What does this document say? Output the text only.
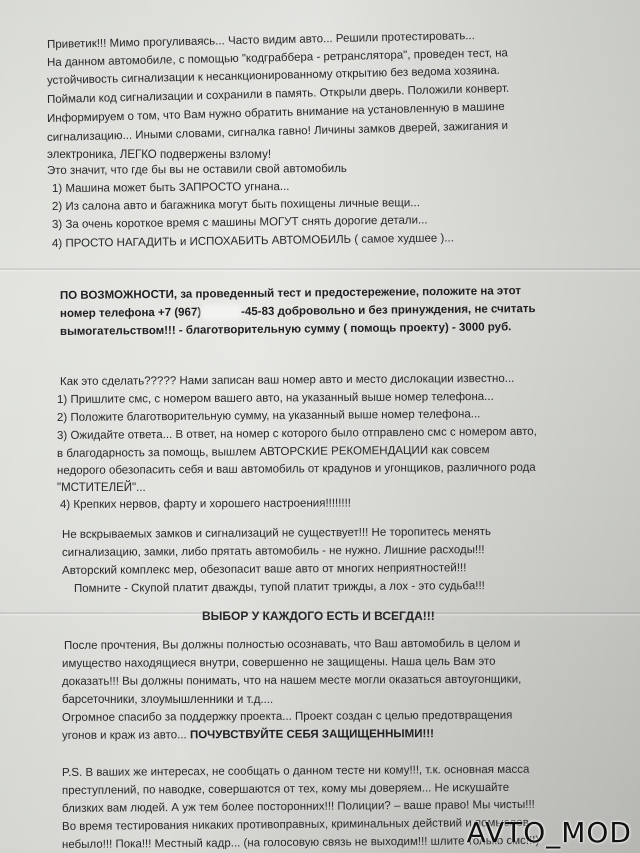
Приветик!!! Мимо прогуливаясь... Часто видим авто... Решили протестировать...
На данном автомобиле, с помощью "кодграббера - ретранслятора", проведен тест, на
устойчивость сигнализации к несанкционированному открытию без ведома хозяина.
Поймали код сигнализации и сохранили в память. Открыли дверь. Положили конверт.
Информируем о том, что Вам нужно обратить внимание на установленную в машине
сигнализацию... Иными словами, сигналка гавно! Личины замков дверей, зажигания и
электроника, ЛЕГКО подвержены взлому!
Это значит, что где бы вы не оставили свой автомобиль
1) Машина может быть ЗАПРОСТО угнана...
2) Из салона авто и багажника могут быть похищены личные вещи...
3) За очень короткое время с машины МОГУТ снять дорогие детали...
4) ПРОСТО НАГАДИТЬ и ИСПОХАБИТЬ АВТОМОБИЛЬ ( самое худшее )...
ПО ВОЗМОЖНОСТИ, за проведенный тест и предостережение, положите на этот
номер телефона +7 (967)	-45-83 добровольно и без принуждения, не считать
вымогательством!!! - благотворительную сумму ( помощь проекту) - 3000 руб.
Как это сделать????? Нами записан ваш номер авто и место дислокации известно...
1) Пришлите смс, с номером вашего авто, на указанный выше номер телефона...
2) Положите благотворительную сумму, на указанный выше номер телефона...
3) Ожидайте ответа... В ответ, на номер с которого было отправлено смс с номером авто,
в благодарность за помощь, вышлем АВТОРСКИЕ РЕКОМЕНДАЦИИ как совсем
недорого обезопасить себя и ваш автомобиль от крадунов и угонщиков, различного рода
"МСТИТЕЛЕЙ"...
4) Крепких нервов, фарту и хорошего настроения!!!!!!!!
Не вскрываемых замков и сигнализаций не существует!!! Не торопитесь менять
сигнализацию, замки, либо прятать автомобиль - не нужно. Лишние расходы!!!
Авторский комплекс мер, обезопасит ваше авто от многих неприятностей!!!
Помните - Скупой платит дважды, тупой платит трижды, а лох - это судьба!!!
ВЫБОР У КАЖДОГО ЕСТЬ И ВСЕГДА!!!
После прочтения, Вы должны полностью осознавать, что Ваш автомобиль в целом и
имущество находящиеся внутри, совершенно не защищены. Наша цель Вам это
доказать!!! Вы должны понимать, что на нашем месте могли оказаться автоугонщики,
барсеточники, злоумышленники и т.д....
Огромное спасибо за поддержку проекта... Проект создан с целью предотвращения
угонов и краж из авто... ПОЧУВСТВУЙТЕ СЕБЯ ЗАЩИЩЕННЫМИ!!!
P.S. В ваших же интересах, не сообщать о данном тесте ни кому!!!, т.к. основная масса
преступлений, по наводке, совершаются от тех, кому мы доверяем... Не искушайте
близких вам людей. А уж тем более посторонних!!! Полиции? – ваше право! Мы чисты!!!
Во время тестирования никаких противоправных, криминальных действий и помыслов
небыло!!! Пока!!! Местный кадр... (на голосовую связь не выходим!!! шлите только смс!!!)
AVTO_MOD
